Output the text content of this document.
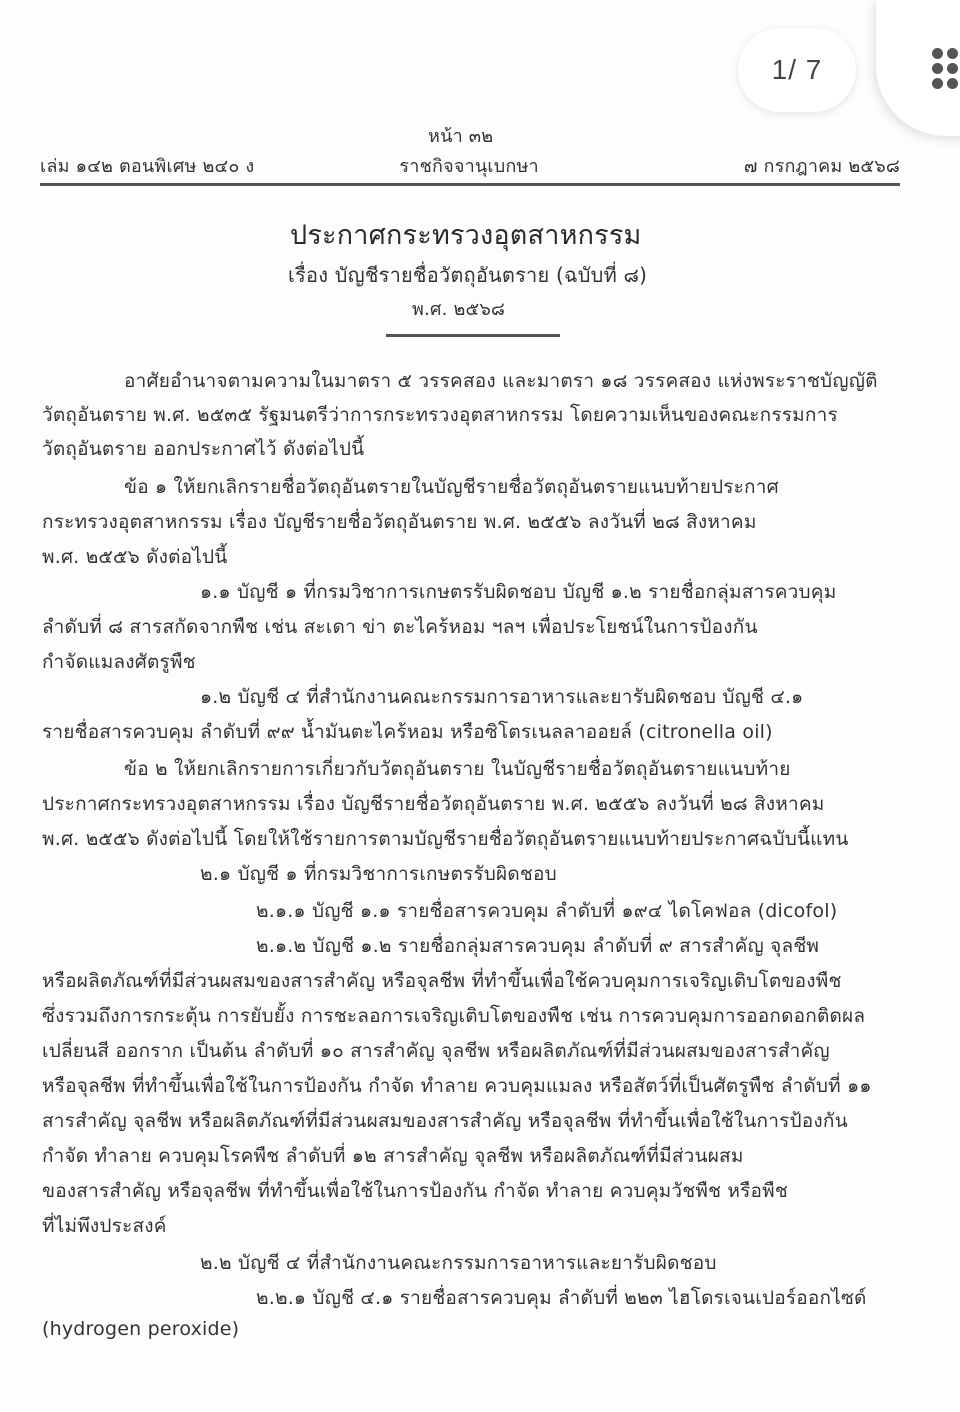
หน้า ๓๒
เล่ม ๑๔๒ ตอนพิเศษ ๒๔๐ ง	ราชกิจจานุเบกษา	๗ กรกฎาคม ๒๕๖๘
ประกาศกระทรวงอุตสาหกรรม
เรื่อง บัญชีรายชื่อวัตถุอันตราย (ฉบับที่ ๘)
พ.ศ. ๒๕๖๘
อาศัยอำนาจตามความในมาตรา ๕ วรรคสอง และมาตรา ๑๘ วรรคสอง แห่งพระราชบัญญัติ
วัตถุอันตราย พ.ศ. ๒๕๓๕ รัฐมนตรีว่าการกระทรวงอุตสาหกรรม โดยความเห็นของคณะกรรมการ
วัตถุอันตราย ออกประกาศไว้ ดังต่อไปนี้
ข้อ ๑ ให้ยกเลิกรายชื่อวัตถุอันตรายในบัญชีรายชื่อวัตถุอันตรายแนบท้ายประกาศ
กระทรวงอุตสาหกรรม เรื่อง บัญชีรายชื่อวัตถุอันตราย พ.ศ. ๒๕๕๖ ลงวันที่ ๒๘ สิงหาคม
พ.ศ. ๒๕๕๖ ดังต่อไปนี้
๑.๑ บัญชี ๑ ที่กรมวิชาการเกษตรรับผิดชอบ บัญชี ๑.๒ รายชื่อกลุ่มสารควบคุม
ลำดับที่ ๘ สารสกัดจากพืช เช่น สะเดา ข่า ตะไคร้หอม ฯลฯ เพื่อประโยชน์ในการป้องกัน
กำจัดแมลงศัตรูพืช
๑.๒ บัญชี ๔ ที่สำนักงานคณะกรรมการอาหารและยารับผิดชอบ บัญชี ๔.๑
รายชื่อสารควบคุม ลำดับที่ ๙๙ น้ำมันตะไคร้หอม หรือซิโตรเนลลาออยล์ (citronella oil)
ข้อ ๒ ให้ยกเลิกรายการเกี่ยวกับวัตถุอันตราย ในบัญชีรายชื่อวัตถุอันตรายแนบท้าย
ประกาศกระทรวงอุตสาหกรรม เรื่อง บัญชีรายชื่อวัตถุอันตราย พ.ศ. ๒๕๕๖ ลงวันที่ ๒๘ สิงหาคม
พ.ศ. ๒๕๕๖ ดังต่อไปนี้ โดยให้ใช้รายการตามบัญชีรายชื่อวัตถุอันตรายแนบท้ายประกาศฉบับนี้แทน
๒.๑ บัญชี ๑ ที่กรมวิชาการเกษตรรับผิดชอบ
๒.๑.๑ บัญชี ๑.๑ รายชื่อสารควบคุม ลำดับที่ ๑๙๔ ไดโคฟอล (dicofol)
๒.๑.๒ บัญชี ๑.๒ รายชื่อกลุ่มสารควบคุม ลำดับที่ ๙ สารสำคัญ จุลชีพ
หรือผลิตภัณฑ์ที่มีส่วนผสมของสารสำคัญ หรือจุลชีพ ที่ทำขึ้นเพื่อใช้ควบคุมการเจริญเติบโตของพืช
ซึ่งรวมถึงการกระตุ้น การยับยั้ง การชะลอการเจริญเติบโตของพืช เช่น การควบคุมการออกดอกติดผล
เปลี่ยนสี ออกราก เป็นต้น ลำดับที่ ๑๐ สารสำคัญ จุลชีพ หรือผลิตภัณฑ์ที่มีส่วนผสมของสารสำคัญ
หรือจุลชีพ ที่ทำขึ้นเพื่อใช้ในการป้องกัน กำจัด ทำลาย ควบคุมแมลง หรือสัตว์ที่เป็นศัตรูพืช ลำดับที่ ๑๑
สารสำคัญ จุลชีพ หรือผลิตภัณฑ์ที่มีส่วนผสมของสารสำคัญ หรือจุลชีพ ที่ทำขึ้นเพื่อใช้ในการป้องกัน
กำจัด ทำลาย ควบคุมโรคพืช ลำดับที่ ๑๒ สารสำคัญ จุลชีพ หรือผลิตภัณฑ์ที่มีส่วนผสม
ของสารสำคัญ หรือจุลชีพ ที่ทำขึ้นเพื่อใช้ในการป้องกัน กำจัด ทำลาย ควบคุมวัชพืช หรือพืช
ที่ไม่พึงประสงค์
๒.๒ บัญชี ๔ ที่สำนักงานคณะกรรมการอาหารและยารับผิดชอบ
๒.๒.๑ บัญชี ๔.๑ รายชื่อสารควบคุม ลำดับที่ ๒๒๓ ไฮโดรเจนเปอร์ออกไซด์
(hydrogen peroxide)
1/ 7
